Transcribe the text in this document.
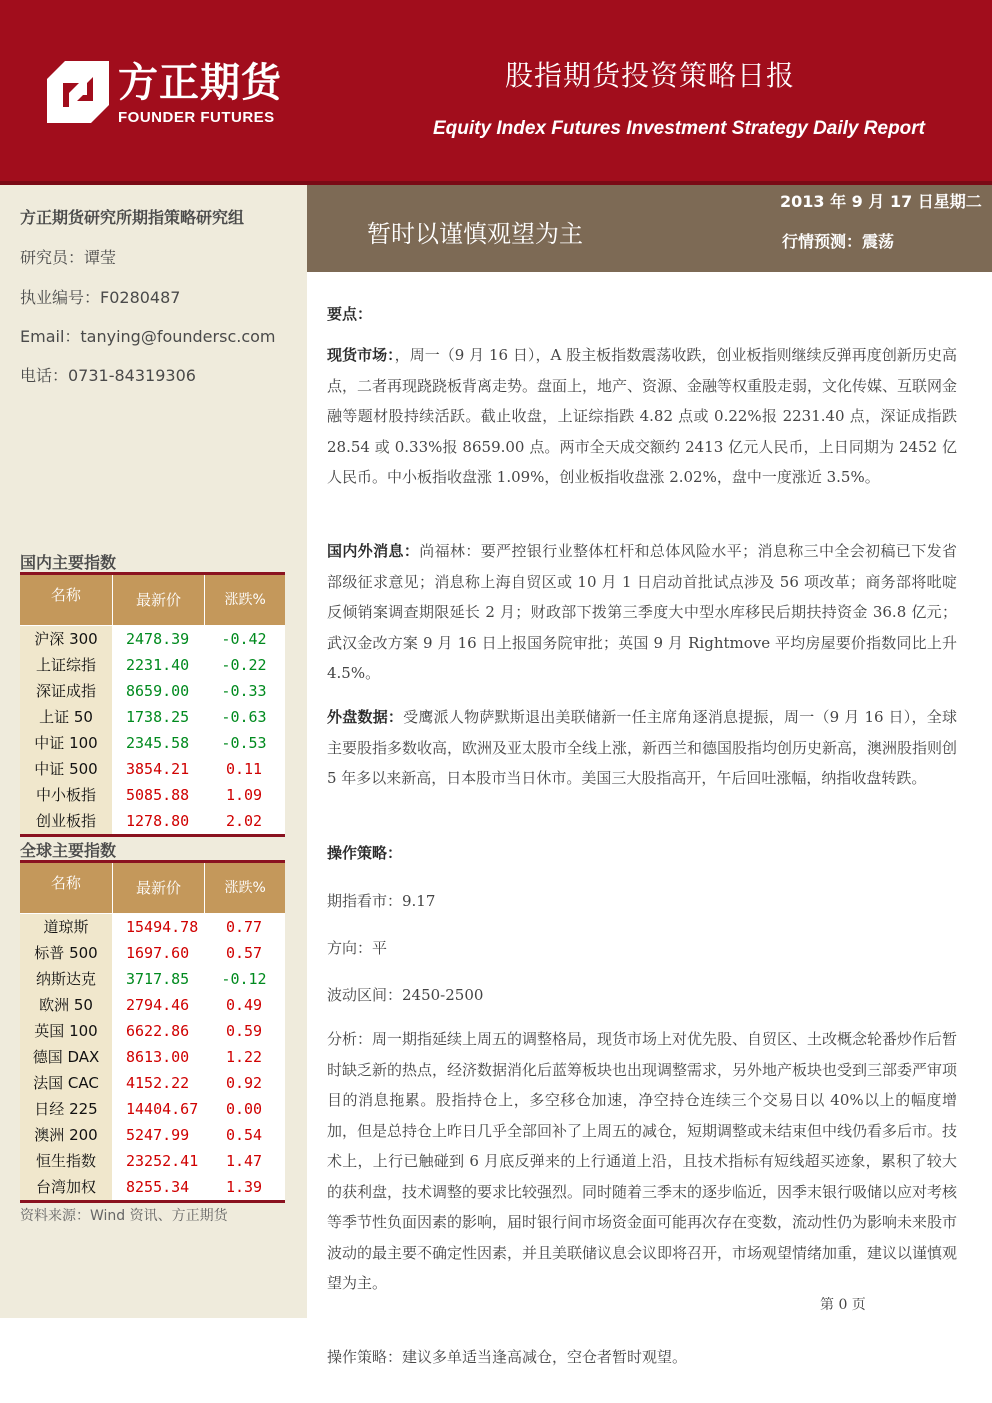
方正期货
FOUNDER FUTURES
股指期货投资策略日报
Equity Index Futures Investment Strategy Daily Report
方正期货研究所期指策略研究组
研究员：谭莹
执业编号：F0280487
Email：tanying@foundersc.com
电话：0731-84319306
暂时以谨慎观望为主
2013 年 9 月 17 日星期二
行情预测：震荡
国内主要指数
名称	最新价	涨跌%
沪深 300	2478.39	-0.42
上证综指	2231.40	-0.22
深证成指	8659.00	-0.33
上证 50	1738.25	-0.63
中证 100	2345.58	-0.53
中证 500	3854.21	0.11
中小板指	5085.88	1.09
创业板指	1278.80	2.02
全球主要指数
名称	最新价	涨跌%
道琼斯	15494.78	0.77
标普 500	1697.60	0.57
纳斯达克	3717.85	-0.12
欧洲 50	2794.46	0.49
英国 100	6622.86	0.59
德国 DAX	8613.00	1.22
法国 CAC	4152.22	0.92
日经 225	14404.67	0.00
澳洲 200	5247.99	0.54
恒生指数	23252.41	1.47
台湾加权	8255.34	1.39
资料来源：Wind 资讯、方正期货
要点：
现货市场：，周一（9 月 16 日），A 股主板指数震荡收跌，创业板指则继续反弹再度创新历史高点，二者再现跷跷板背离走势。盘面上，地产、资源、金融等权重股走弱，文化传媒、互联网金融等题材股持续活跃。截止收盘，上证综指跌 4.82 点或 0.22%报 2231.40 点，深证成指跌 28.54 或 0.33%报 8659.00 点。两市全天成交额约 2413 亿元人民币，上日同期为 2452 亿人民币。中小板指收盘涨 1.09%，创业板指收盘涨 2.02%，盘中一度涨近 3.5%。
国内外消息：尚福林：要严控银行业整体杠杆和总体风险水平；消息称三中全会初稿已下发省部级征求意见；消息称上海自贸区或 10 月 1 日启动首批试点涉及 56 项改革；商务部将吡啶反倾销案调查期限延长 2 月；财政部下拨第三季度大中型水库移民后期扶持资金 36.8 亿元；武汉金改方案 9 月 16 日上报国务院审批；英国 9 月 Rightmove 平均房屋要价指数同比上升 4.5%。
外盘数据：受鹰派人物萨默斯退出美联储新一任主席角逐消息提振，周一（9 月 16 日），全球主要股指多数收高，欧洲及亚太股市全线上涨，新西兰和德国股指均创历史新高，澳洲股指则创 5 年多以来新高，日本股市当日休市。美国三大股指高开，午后回吐涨幅，纳指收盘转跌。
操作策略：
期指看市：9.17
方向：平
波动区间：2450-2500
分析：周一期指延续上周五的调整格局，现货市场上对优先股、自贸区、土改概念轮番炒作后暂时缺乏新的热点，经济数据消化后蓝筹板块也出现调整需求，另外地产板块也受到三部委严审项目的消息拖累。股指持仓上，多空移仓加速，净空持仓连续三个交易日以 40%以上的幅度增加，但是总持仓上昨日几乎全部回补了上周五的减仓，短期调整或未结束但中线仍看多后市。技术上，上行已触碰到 6 月底反弹来的上行通道上沿，且技术指标有短线超买迹象，累积了较大的获利盘，技术调整的要求比较强烈。同时随着三季末的逐步临近，因季末银行吸储以应对考核等季节性负面因素的影响，届时银行间市场资金面可能再次存在变数，流动性仍为影响未来股市波动的最主要不确定性因素，并且美联储议息会议即将召开，市场观望情绪加重，建议以谨慎观望为主。
第 0 页
操作策略：建议多单适当逢高减仓，空仓者暂时观望。
